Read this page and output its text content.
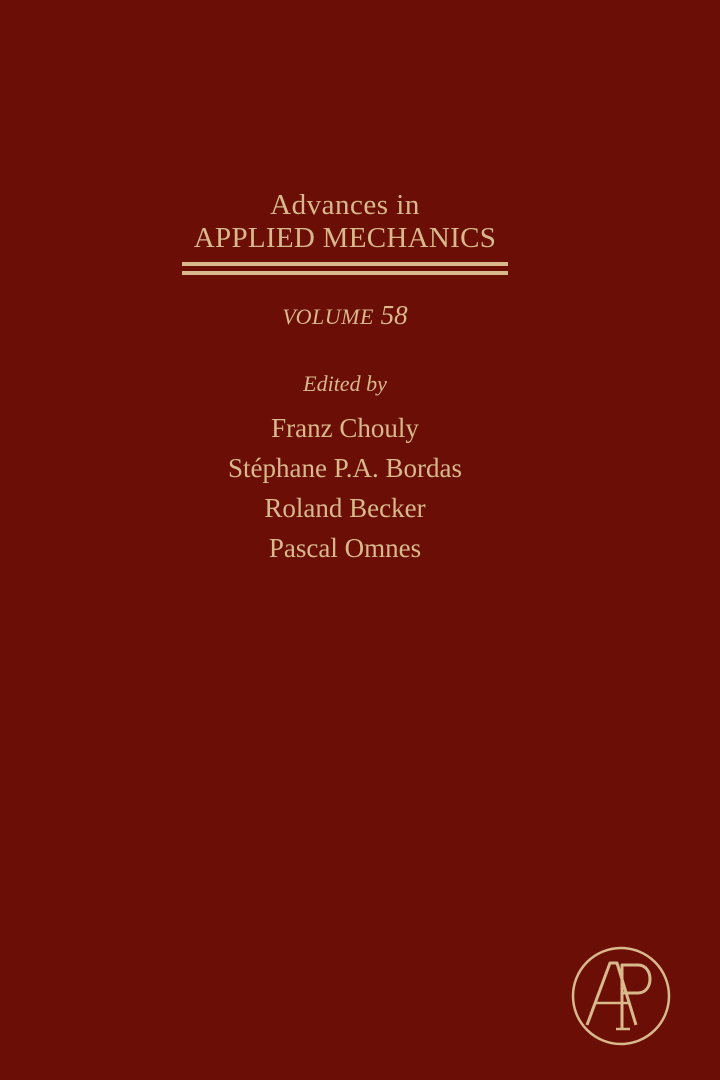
Advances in
APPLIED MECHANICS
VOLUME 58
Edited by
Franz Chouly
Stéphane P.A. Bordas
Roland Becker
Pascal Omnes
